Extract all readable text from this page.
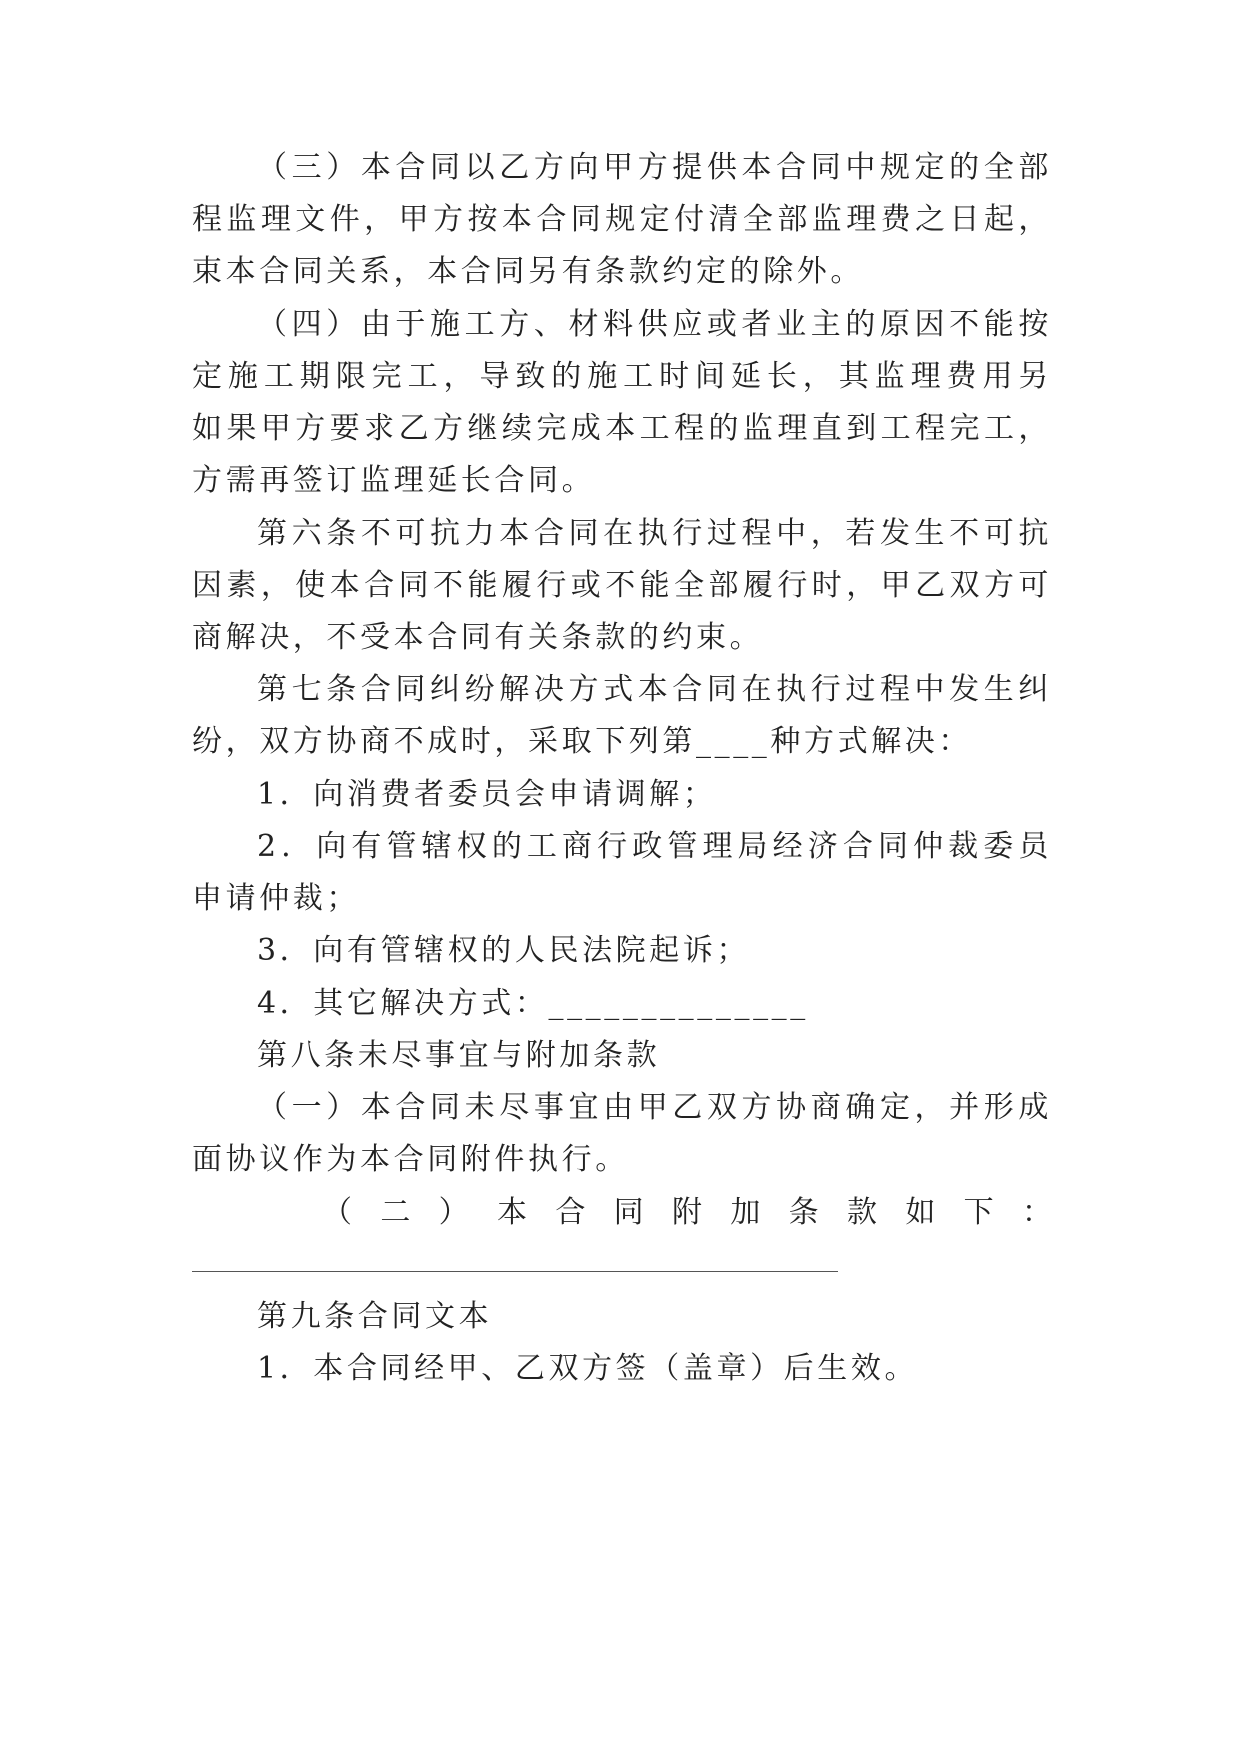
（三）本合同以乙方向甲方提供本合同中规定的全部
程监理文件，甲方按本合同规定付清全部监理费之日起，
束本合同关系，本合同另有条款约定的除外。
（四）由于施工方、材料供应或者业主的原因不能按
定施工期限完工，导致的施工时间延长，其监理费用另
如果甲方要求乙方继续完成本工程的监理直到工程完工，
方需再签订监理延长合同。
第六条不可抗力本合同在执行过程中，若发生不可抗
因素，使本合同不能履行或不能全部履行时，甲乙双方可
商解决，不受本合同有关条款的约束。
第七条合同纠纷解决方式本合同在执行过程中发生纠
纷，双方协商不成时，采取下列第____种方式解决：
1．向消费者委员会申请调解；
2．向有管辖权的工商行政管理局经济合同仲裁委员
申请仲裁；
3．向有管辖权的人民法院起诉；
4．其它解决方式：______________
第八条未尽事宜与附加条款
（一）本合同未尽事宜由甲乙双方协商确定，并形成
面协议作为本合同附件执行。
（二）本合同附加条款如下：
第九条合同文本
1．本合同经甲、乙双方签（盖章）后生效。
